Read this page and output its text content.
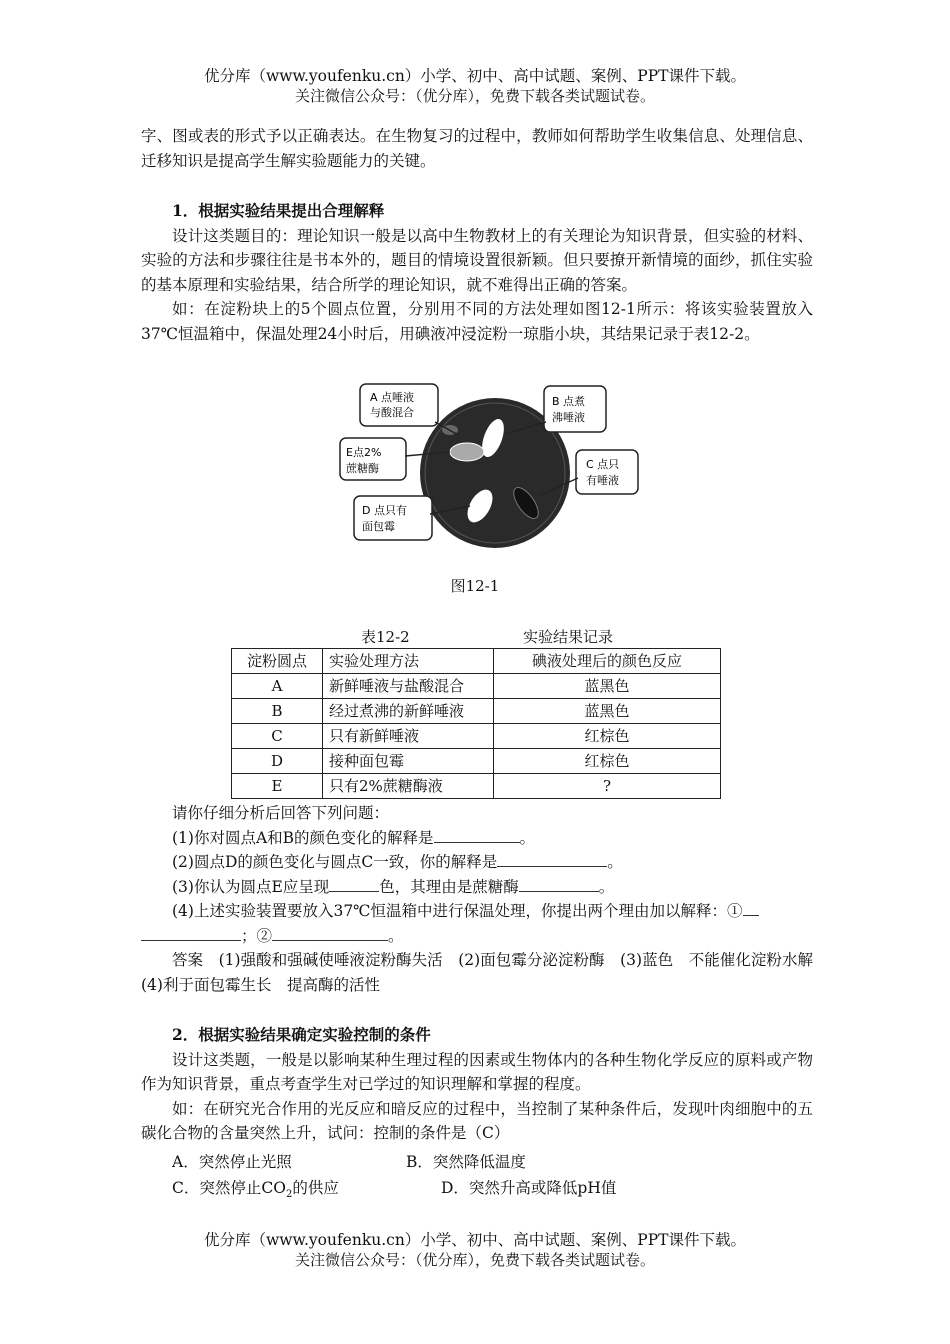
优分库（www.youfenku.cn）小学、初中、高中试题、案例、PPT课件下载。
关注微信公众号：（优分库），免费下载各类试题试卷。

字、图或表的形式予以正确表达。在生物复习的过程中，教师如何帮助学生收集信息、处理信息、迁移知识是提高学生解实验题能力的关键。

1．根据实验结果提出合理解释

设计这类题目的：理论知识一般是以高中生物教材上的有关理论为知识背景，但实验的材料、实验的方法和步骤往往是书本外的，题目的情境设置很新颖。但只要撩开新情境的面纱，抓住实验的基本原理和实验结果，结合所学的理论知识，就不难得出正确的答案。

如：在淀粉块上的5个圆点位置，分别用不同的方法处理如图12-1所示：将该实验装置放入37℃恒温箱中，保温处理24小时后，用碘液冲浸淀粉一琼脂小块，其结果记录于表12-2。

A 点唾液
与酸混合
B 点煮
沸唾液
E点2%
蔗糖酶	C 点只
有唾液
D 点只有
面包霉
图12-1
表12-2	实验结果记录
淀粉圆点	实验处理方法	碘液处理后的颜色反应
A	新鲜唾液与盐酸混合	蓝黑色
B	经过煮沸的新鲜唾液	蓝黑色
C	只有新鲜唾液	红棕色
D	接种面包霉	红棕色
E	只有2%蔗糖酶液	?

请你仔细分析后回答下列问题：

(1)你对圆点A和B的颜色变化的解释是	。

(2)圆点D的颜色变化与圆点C一致，你的解释是	。

(3)你认为圆点E应呈现	色，其理由是蔗糖酶	。

(4)上述实验装置要放入37℃恒温箱中进行保温处理，你提出两个理由加以解释：①

；②	。

答案　(1)强酸和强碱使唾液淀粉酶失活　(2)面包霉分泌淀粉酶　(3)蓝色　不能催化淀粉水解　(4)利于面包霉生长　提高酶的活性

2．根据实验结果确定实验控制的条件

设计这类题，一般是以影响某种生理过程的因素或生物体内的各种生物化学反应的原料或产物作为知识背景，重点考查学生对已学过的知识理解和掌握的程度。

如：在研究光合作用的光反应和暗反应的过程中，当控制了某种条件后，发现叶肉细胞中的五碳化合物的含量突然上升，试问：控制的条件是（C）

A．突然停止光照	B．突然降低温度
C．突然停止$CO_2$的供应	D．突然升高或降低pH值
优分库（www.youfenku.cn）小学、初中、高中试题、案例、PPT课件下载。
关注微信公众号：（优分库），免费下载各类试题试卷。
